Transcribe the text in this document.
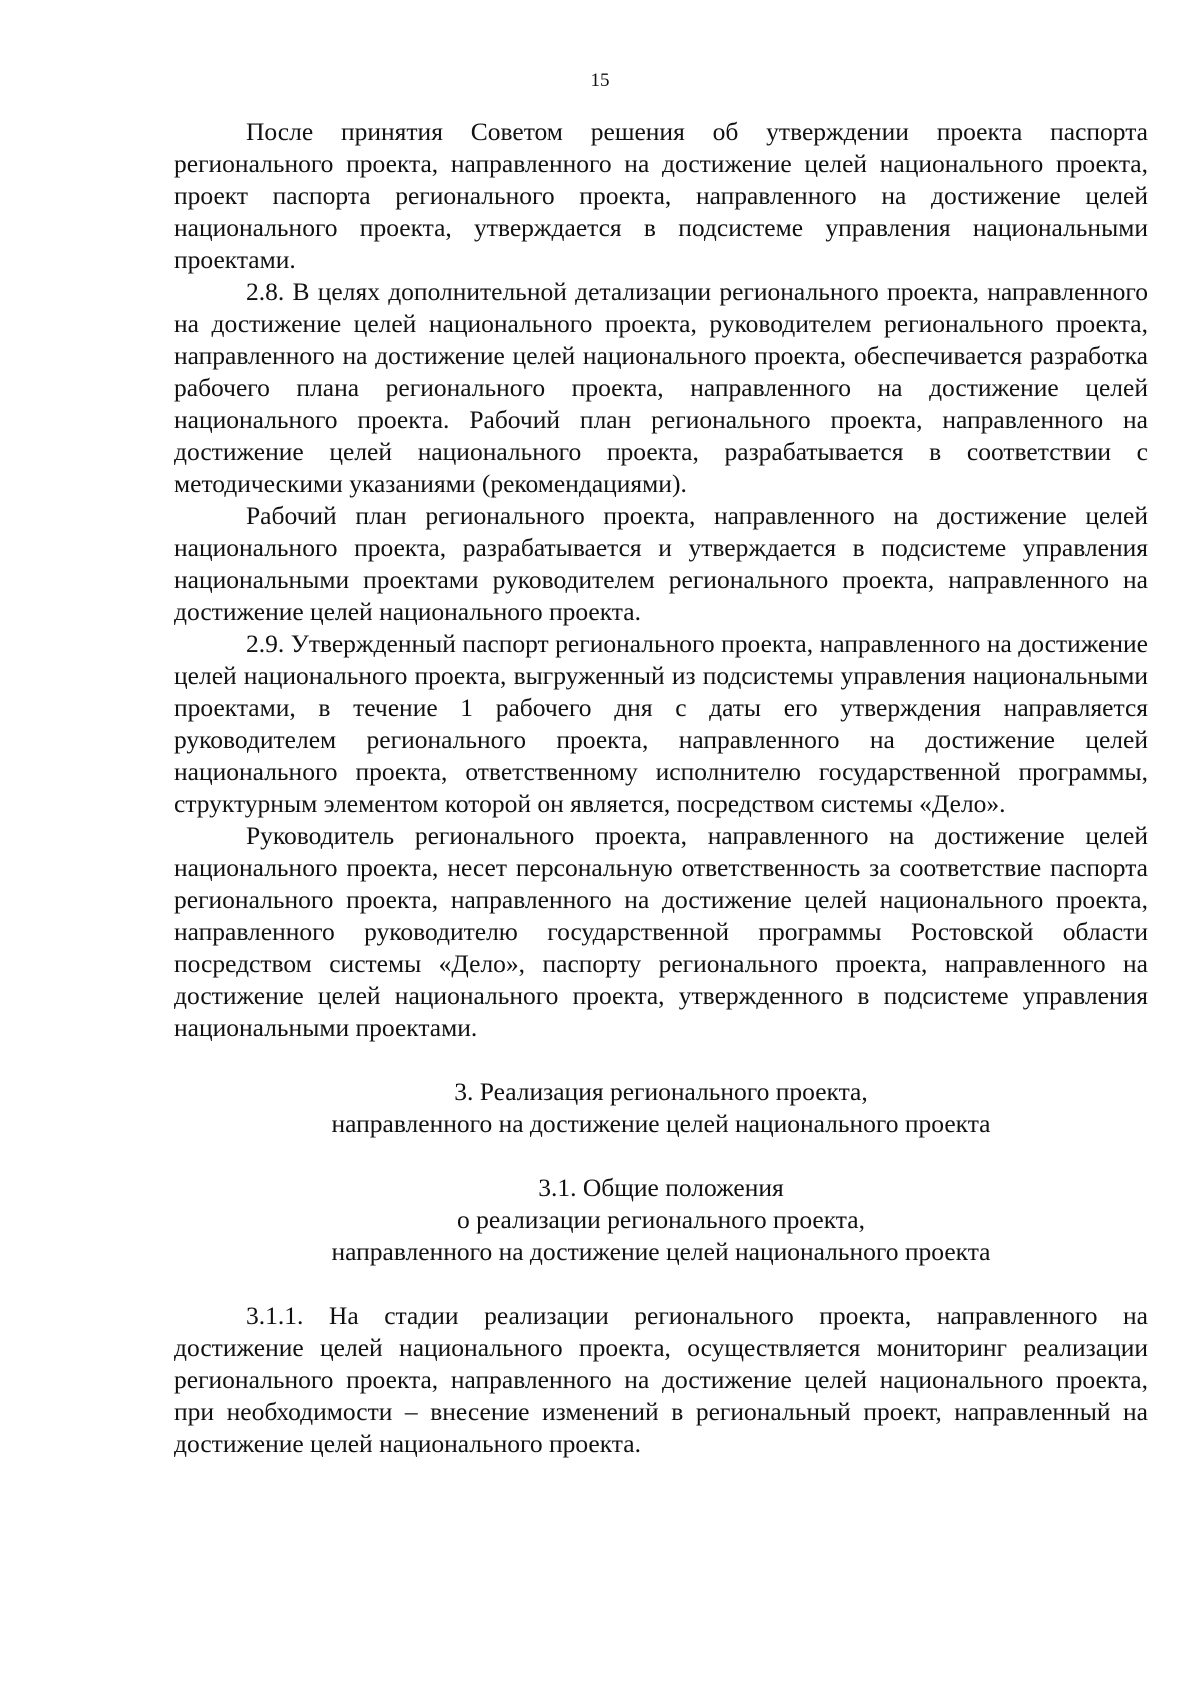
15

После принятия Советом решения об утверждении проекта паспорта регионального проекта, направленного на достижение целей национального проекта, проект паспорта регионального проекта, направленного на достижение целей национального проекта, утверждается в подсистеме управления национальными проектами.

2.8. В целях дополнительной детализации регионального проекта, направленного на достижение целей национального проекта, руководителем регионального проекта, направленного на достижение целей национального проекта, обеспечивается разработка рабочего плана регионального проекта, направленного на достижение целей национального проекта. Рабочий план регионального проекта, направленного на достижение целей национального проекта, разрабатывается в соответствии с методическими указаниями (рекомендациями).

Рабочий план регионального проекта, направленного на достижение целей национального проекта, разрабатывается и утверждается в подсистеме управления национальными проектами руководителем регионального проекта, направленного на достижение целей национального проекта.

2.9. Утвержденный паспорт регионального проекта, направленного на достижение целей национального проекта, выгруженный из подсистемы управления национальными проектами, в течение 1 рабочего дня с даты его утверждения направляется руководителем регионального проекта, направленного на достижение целей национального проекта, ответственному исполнителю государственной программы, структурным элементом которой он является, посредством системы «Дело».

Руководитель регионального проекта, направленного на достижение целей национального проекта, несет персональную ответственность за соответствие паспорта регионального проекта, направленного на достижение целей национального проекта, направленного руководителю государственной программы Ростовской области посредством системы «Дело», паспорту регионального проекта, направленного на достижение целей национального проекта, утвержденного в подсистеме управления национальными проектами.

3. Реализация регионального проекта,
направленного на достижение целей национального проекта
3.1. Общие положения
о реализации регионального проекта,
направленного на достижение целей национального проекта

3.1.1. На стадии реализации регионального проекта, направленного на достижение целей национального проекта, осуществляется мониторинг реализации регионального проекта, направленного на достижение целей национального проекта, при необходимости – внесение изменений в региональный проект, направленный на достижение целей национального проекта.
